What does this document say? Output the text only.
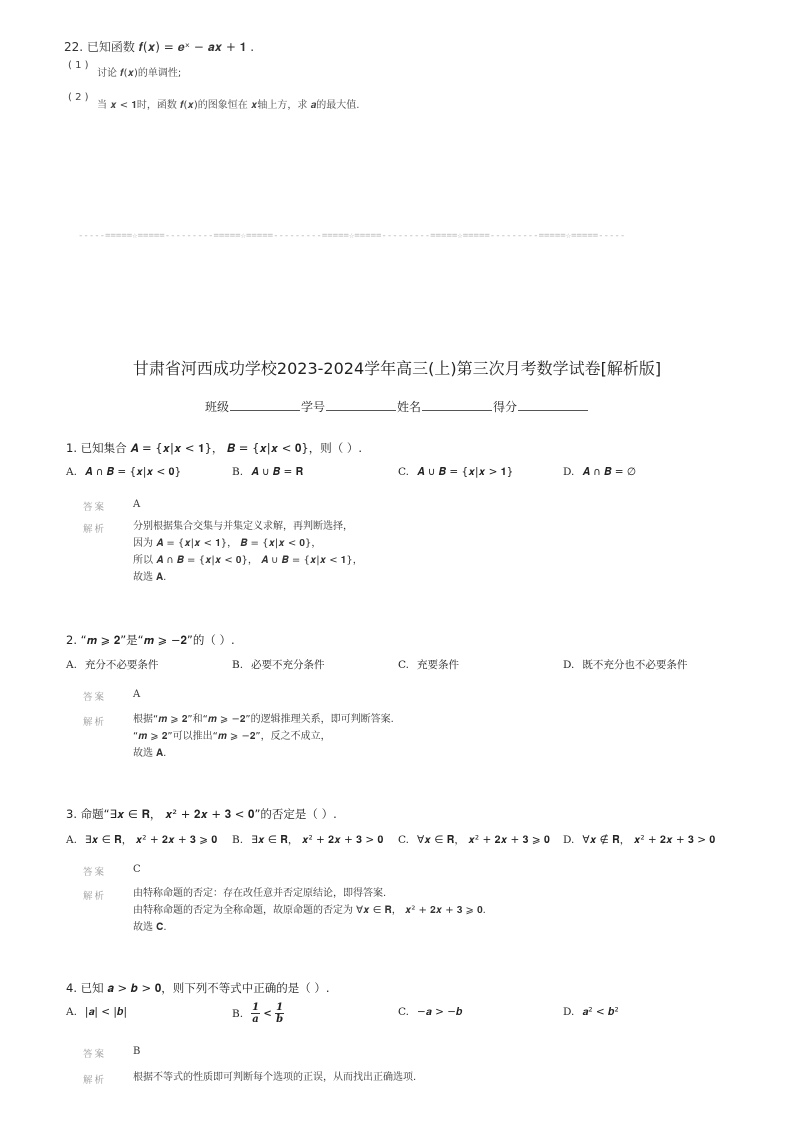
22. 已知函数 𝒇(𝒙) = 𝒆ˣ − 𝒂𝒙 + 𝟏 .
( 1 )
讨论 𝒇(𝒙)的单调性;
( 2 )
当 𝒙 < 𝟏时，函数 𝒇(𝒙)的图象恒在 𝒙轴上方，求 𝒂的最大值.
-----=====☆=====---------=====☆=====---------=====☆=====---------=====☆=====---------=====☆=====-----
甘肃省河西成功学校2023-2024学年高三(上)第三次月考数学试卷[解析版]
班级	学号	姓名	得分
1. 已知集合 𝑨 = {𝒙|𝒙 < 𝟏}， 𝑩 = {𝒙|𝒙 < 𝟎}，则（ ）.
A. 𝑨 ∩ 𝑩 = {𝒙|𝒙 < 𝟎}	B. 𝑨 ∪ 𝑩 = 𝐑	C. 𝑨 ∪ 𝑩 = {𝒙|𝒙 > 𝟏}	D. 𝑨 ∩ 𝑩 = ∅
答案	A
解析	分别根据集合交集与并集定义求解，再判断选择，
因为 𝑨 = {𝒙|𝒙 < 𝟏}， 𝑩 = {𝒙|𝒙 < 𝟎}，
所以 𝑨 ∩ 𝑩 = {𝒙|𝒙 < 𝟎}， 𝑨 ∪ 𝑩 = {𝒙|𝒙 < 𝟏}，
故选 𝐀.
2. “𝒎 ⩾ 𝟐”是“𝒎 ⩾ −𝟐”的（ ）.
A. 充分不必要条件	B. 必要不充分条件	C. 充要条件	D. 既不充分也不必要条件
答案	A
解析	根据“𝒎 ⩾ 𝟐”和“𝒎 ⩾ −𝟐”的逻辑推理关系，即可判断答案.
“𝒎 ⩾ 𝟐”可以推出“𝒎 ⩾ −𝟐”，反之不成立，
故选 𝐀.
3. 命题“∃𝒙 ∈ 𝐑， 𝒙² + 𝟐𝒙 + 𝟑 < 𝟎”的否定是（ ）.
A. ∃𝒙 ∈ 𝐑， 𝒙² + 𝟐𝒙 + 𝟑 ⩾ 𝟎 B. ∃𝒙 ∈ 𝐑， 𝒙² + 𝟐𝒙 + 𝟑 > 𝟎 C. ∀𝒙 ∈ 𝐑， 𝒙² + 𝟐𝒙 + 𝟑 ⩾ 𝟎 D. ∀𝒙 ∉ 𝐑， 𝒙² + 𝟐𝒙 + 𝟑 > 𝟎
答案	C
解析	由特称命题的否定：存在改任意并否定原结论，即得答案.
由特称命题的否定为全称命题，故原命题的否定为 ∀𝒙 ∈ 𝐑， 𝒙² + 𝟐𝒙 + 𝟑 ⩾ 𝟎.
故选 𝐂.
4. 已知 𝒂 > 𝒃 > 𝟎，则下列不等式中正确的是（ ）.
A. |𝒂| < |𝒃|	B. $\frac{1}{a} < \frac{1}{b}$	C. −𝒂 > −𝒃	D. 𝒂² < 𝒃²
答案	B
解析	根据不等式的性质即可判断每个选项的正误，从而找出正确选项.
